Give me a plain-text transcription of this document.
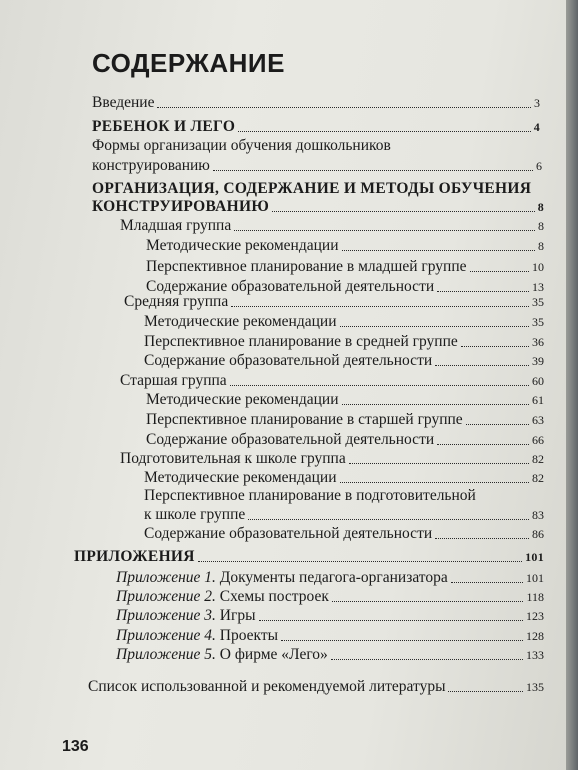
СОДЕРЖАНИЕ
Введение	3
РЕБЕНОК И ЛЕГО	4
Формы организации обучения дошкольников
конструированию	6
ОРГАНИЗАЦИЯ, СОДЕРЖАНИЕ И МЕТОДЫ ОБУЧЕНИЯ
КОНСТРУИРОВАНИЮ	8
Младшая группа	8
Методические рекомендации	8
Перспективное планирование в младшей группе	10
Содержание образовательной деятельности	13
Средняя группа	35
Методические рекомендации	35
Перспективное планирование в средней группе	36
Содержание образовательной деятельности	39
Старшая группа	60
Методические рекомендации	61
Перспективное планирование в старшей группе	63
Содержание образовательной деятельности	66
Подготовительная к школе группа	82
Методические рекомендации	82
Перспективное планирование в подготовительной
к школе группе	83
Содержание образовательной деятельности	86
ПРИЛОЖЕНИЯ	101
Приложение 1. Документы педагога-организатора	101
Приложение 2. Схемы построек	118
Приложение 3. Игры	123
Приложение 4. Проекты	128
Приложение 5. О фирме «Лего»	133
Список использованной и рекомендуемой литературы	135
136
